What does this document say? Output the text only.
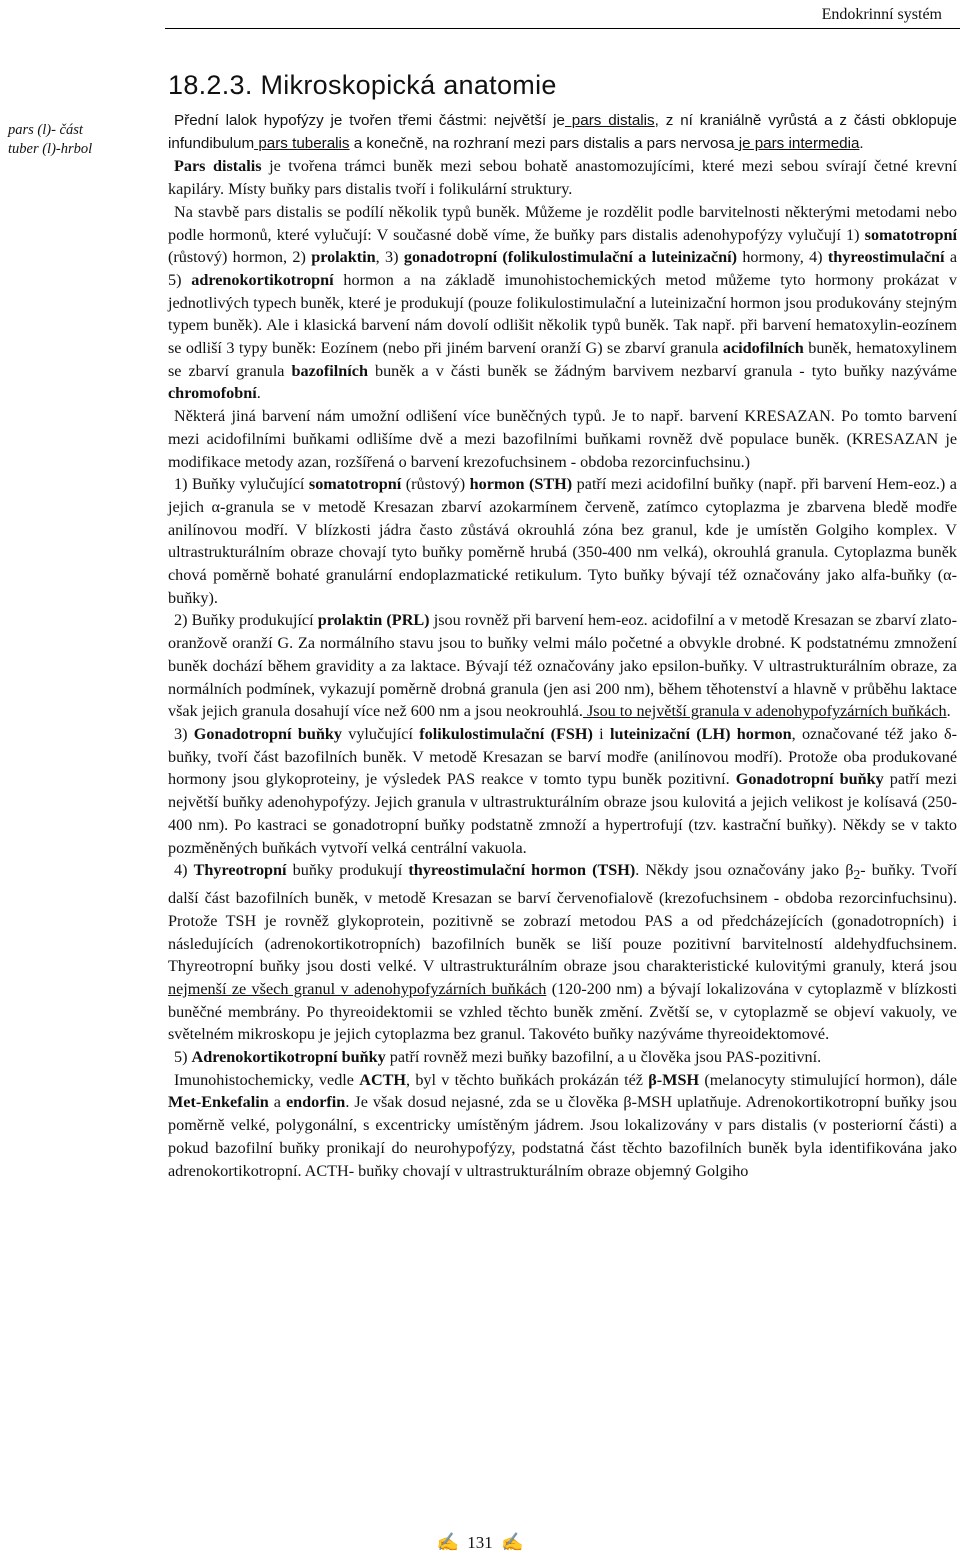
Endokrinní systém
18.2.3. Mikroskopická anatomie
pars (l)- část
tuber (l)-hrbol

Přední lalok hypofýzy je tvořen třemi částmi: největší je pars distalis, z ní kraniálně vyrůstá a z části obklopuje infundibulum pars tuberalis a konečně, na rozhraní mezi pars distalis a pars nervosa je pars intermedia.

Pars distalis je tvořena trámci buněk mezi sebou bohatě anastomozujícími, které mezi sebou svírají četné krevní kapiláry. Místy buňky pars distalis tvoří i folikulární struktury.

Na stavbě pars distalis se podílí několik typů buněk. Můžeme je rozdělit podle barvitelnosti některými metodami nebo podle hormonů, které vylučují: V současné době víme, že buňky pars distalis adenohypofýzy vylučují 1) somatotropní (růstový) hormon, 2) prolaktin, 3) gonadotropní (folikulostimulační a luteinizační) hormony, 4) thyreostimulační a 5) adrenokortikotropní hormon a na základě imunohistochemických metod můžeme tyto hormony prokázat v jednotlivých typech buněk, které je produkují (pouze folikulostimulační a luteinizační hormon jsou produkovány stejným typem buněk). Ale i klasická barvení nám dovolí odlišit několik typů buněk. Tak např. při barvení hematoxylin-eozínem se odliší 3 typy buněk: Eozínem (nebo při jiném barvení oranží G) se zbarví granula acidofilních buněk, hematoxylinem se zbarví granula bazofilních buněk a v části buněk se žádným barvivem nezbarví granula - tyto buňky nazýváme chromofobní.

Některá jiná barvení nám umožní odlišení více buněčných typů. Je to např. barvení KRESAZAN. Po tomto barvení mezi acidofilními buňkami odlišíme dvě a mezi bazofilními buňkami rovněž dvě populace buněk. (KRESAZAN je modifikace metody azan, rozšířená o barvení krezofuchsinem - obdoba rezorcinfuchsinu.)

1) Buňky vylučující somatotropní (růstový) hormon (STH) patří mezi acidofilní buňky (např. při barvení Hem-eoz.) a jejich α-granula se v metodě Kresazan zbarví azokarmínem červeně, zatímco cytoplazma je zbarvena bledě modře anilínovou modří. V blízkosti jádra často zůstává okrouhlá zóna bez granul, kde je umístěn Golgiho komplex. V ultrastrukturálním obraze chovají tyto buňky poměrně hrubá (350-400 nm velká), okrouhlá granula. Cytoplazma buněk chová poměrně bohaté granulární endoplazmatické retikulum. Tyto buňky bývají též označovány jako alfa-buňky (α-buňky).

2) Buňky produkující prolaktin (PRL) jsou rovněž při barvení hem-eoz. acidofilní a v metodě Kresazan se zbarví zlato-oranžově oranží G. Za normálního stavu jsou to buňky velmi málo početné a obvykle drobné. K podstatnému zmnožení buněk dochází během gravidity a za laktace. Bývají též označovány jako epsilon-buňky. V ultrastrukturálním obraze, za normálních podmínek, vykazují poměrně drobná granula (jen asi 200 nm), během těhotenství a hlavně v průběhu laktace však jejich granula dosahují více než 600 nm a jsou neokrouhlá. Jsou to největší granula v adenohypofyzárních buňkách.

3) Gonadotropní buňky vylučující folikulostimulační (FSH) i luteinizační (LH) hormon, označované též jako δ-buňky, tvoří část bazofilních buněk. V metodě Kresazan se barví modře (anilínovou modří). Protože oba produkované hormony jsou glykoproteiny, je výsledek PAS reakce v tomto typu buněk pozitivní. Gonadotropní buňky patří mezi největší buňky adenohypofýzy. Jejich granula v ultrastrukturálním obraze jsou kulovitá a jejich velikost je kolísavá (250-400 nm). Po kastraci se gonadotropní buňky podstatně zmnoží a hypertrofují (tzv. kastrační buňky). Někdy se v takto pozměněných buňkách vytvoří velká centrální vakuola.

4) Thyreotropní buňky produkují thyreostimulační hormon (TSH). Někdy jsou označovány jako $\beta_2-$ buňky. Tvoří další část bazofilních buněk, v metodě Kresazan se barví červenofialově (krezofuchsinem - obdoba rezorcinfuchsinu). Protože TSH je rovněž glykoprotein, pozitivně se zobrazí metodou PAS a od předcházejících (gonadotropních) i následujících (adrenokortikotropních) bazofilních buněk se liší pouze pozitivní barvitelností aldehydfuchsinem. Thyreotropní buňky jsou dosti velké. V ultrastrukturálním obraze jsou charakteristické kulovitými granuly, která jsou nejmenší ze všech granul v adenohypofyzárních buňkách (120-200 nm) a bývají lokalizována v cytoplazmě v blízkosti buněčné membrány. Po thyreoidektomii se vzhled těchto buněk změní. Zvětší se, v cytoplazmě se objeví vakuoly, ve světelném mikroskopu je jejich cytoplazma bez granul. Takovéto buňky nazýváme thyreoidektomové.

5) Adrenokortikotropní buňky patří rovněž mezi buňky bazofilní, a u člověka jsou PAS-pozitivní.

Imunohistochemicky, vedle ACTH, byl v těchto buňkách prokázán též β-MSH (melanocyty stimulující hormon), dále Met-Enkefalin a endorfin. Je však dosud nejasné, zda se u člověka β-MSH uplatňuje. Adrenokortikotropní buňky jsou poměrně velké, polygonální, s excentricky umístěným jádrem. Jsou lokalizovány v pars distalis (v posteriorní části) a pokud bazofilní buňky pronikají do neurohypofýzy, podstatná část těchto bazofilních buněk byla identifikována jako adrenokortikotropní. ACTH- buňky chovají v ultrastrukturálním obraze objemný Golgiho

✍ 131 ✍
